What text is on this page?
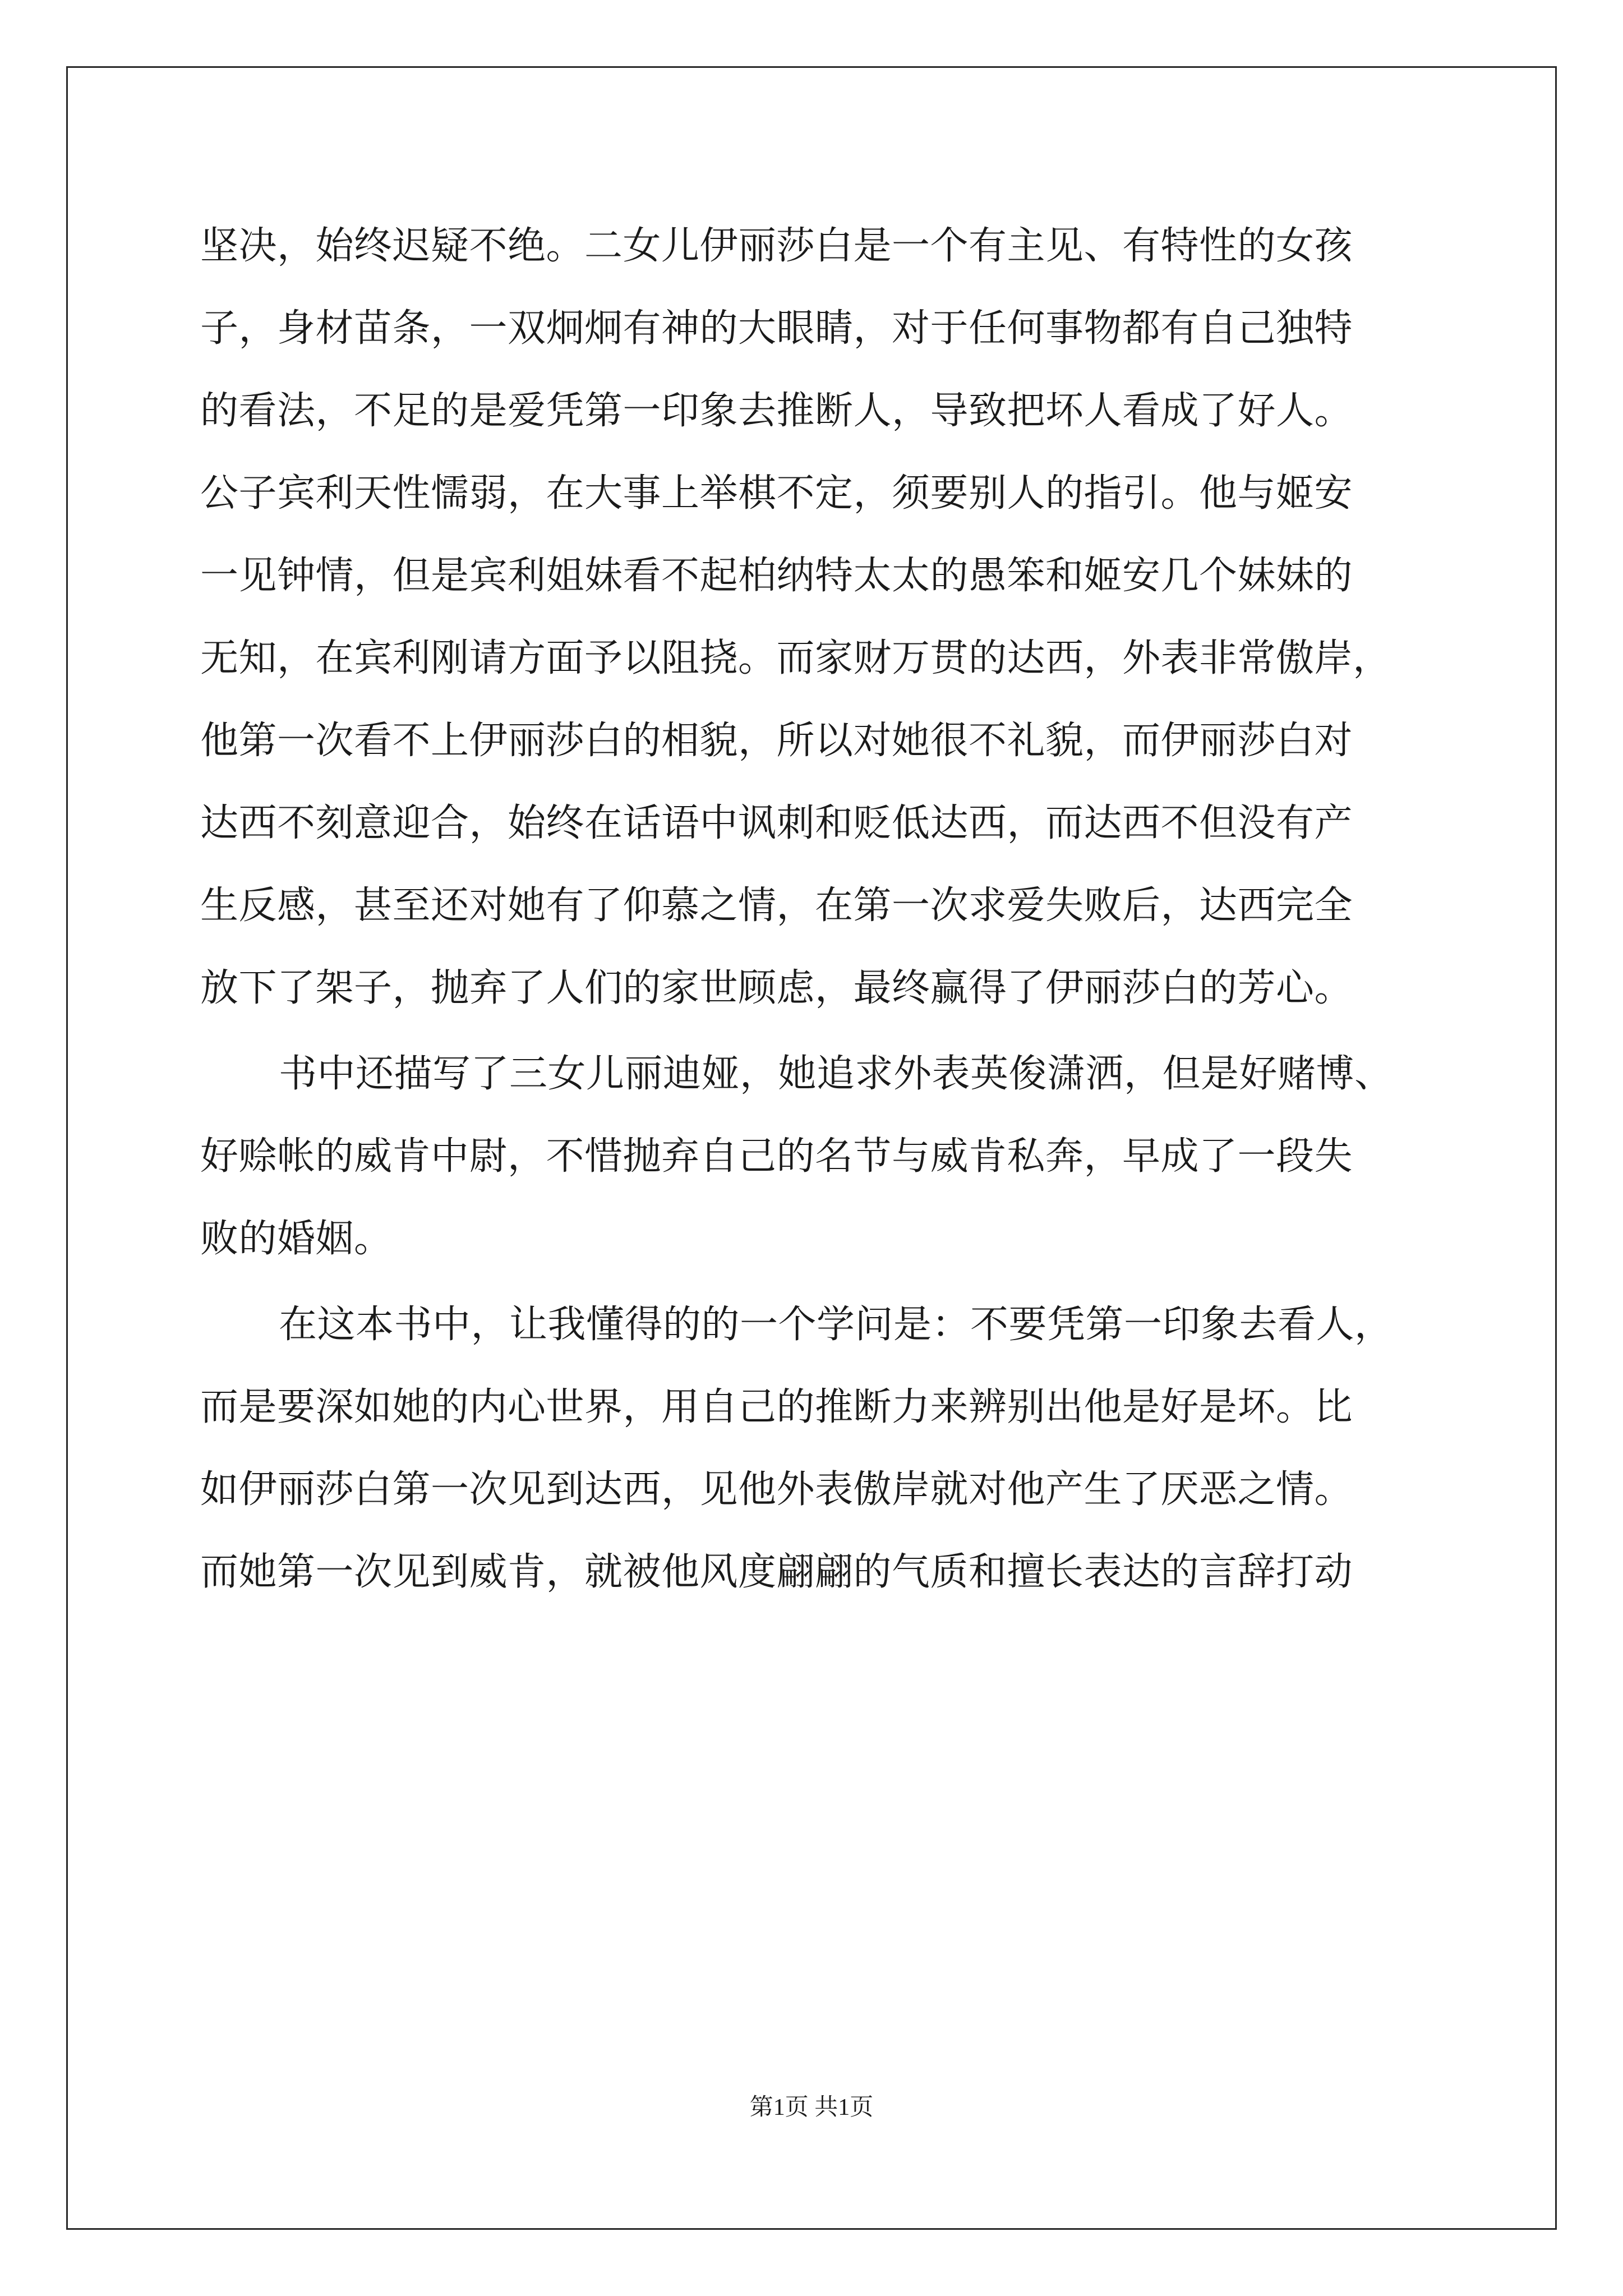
坚决，始终迟疑不绝。二女儿伊丽莎白是一个有主见、有特性的女孩
子，身材苗条，一双炯炯有神的大眼睛，对于任何事物都有自己独特
的看法，不足的是爱凭第一印象去推断人，导致把坏人看成了好人。
公子宾利天性懦弱，在大事上举棋不定，须要别人的指引。他与姬安
一见钟情，但是宾利姐妹看不起柏纳特太太的愚笨和姬安几个妹妹的
无知，在宾利刚请方面予以阻挠。而家财万贯的达西，外表非常傲岸，
他第一次看不上伊丽莎白的相貌，所以对她很不礼貌，而伊丽莎白对
达西不刻意迎合，始终在话语中讽刺和贬低达西，而达西不但没有产
生反感，甚至还对她有了仰慕之情，在第一次求爱失败后，达西完全
放下了架子，抛弃了人们的家世顾虑，最终赢得了伊丽莎白的芳心。
书中还描写了三女儿丽迪娅，她追求外表英俊潇洒，但是好赌博、
好赊帐的威肯中尉，不惜抛弃自己的名节与威肯私奔，早成了一段失
败的婚姻。
在这本书中，让我懂得的的一个学问是：不要凭第一印象去看人，
而是要深如她的内心世界，用自己的推断力来辨别出他是好是坏。比
如伊丽莎白第一次见到达西，见他外表傲岸就对他产生了厌恶之情。
而她第一次见到威肯，就被他风度翩翩的气质和擅长表达的言辞打动
第1页 共1页
